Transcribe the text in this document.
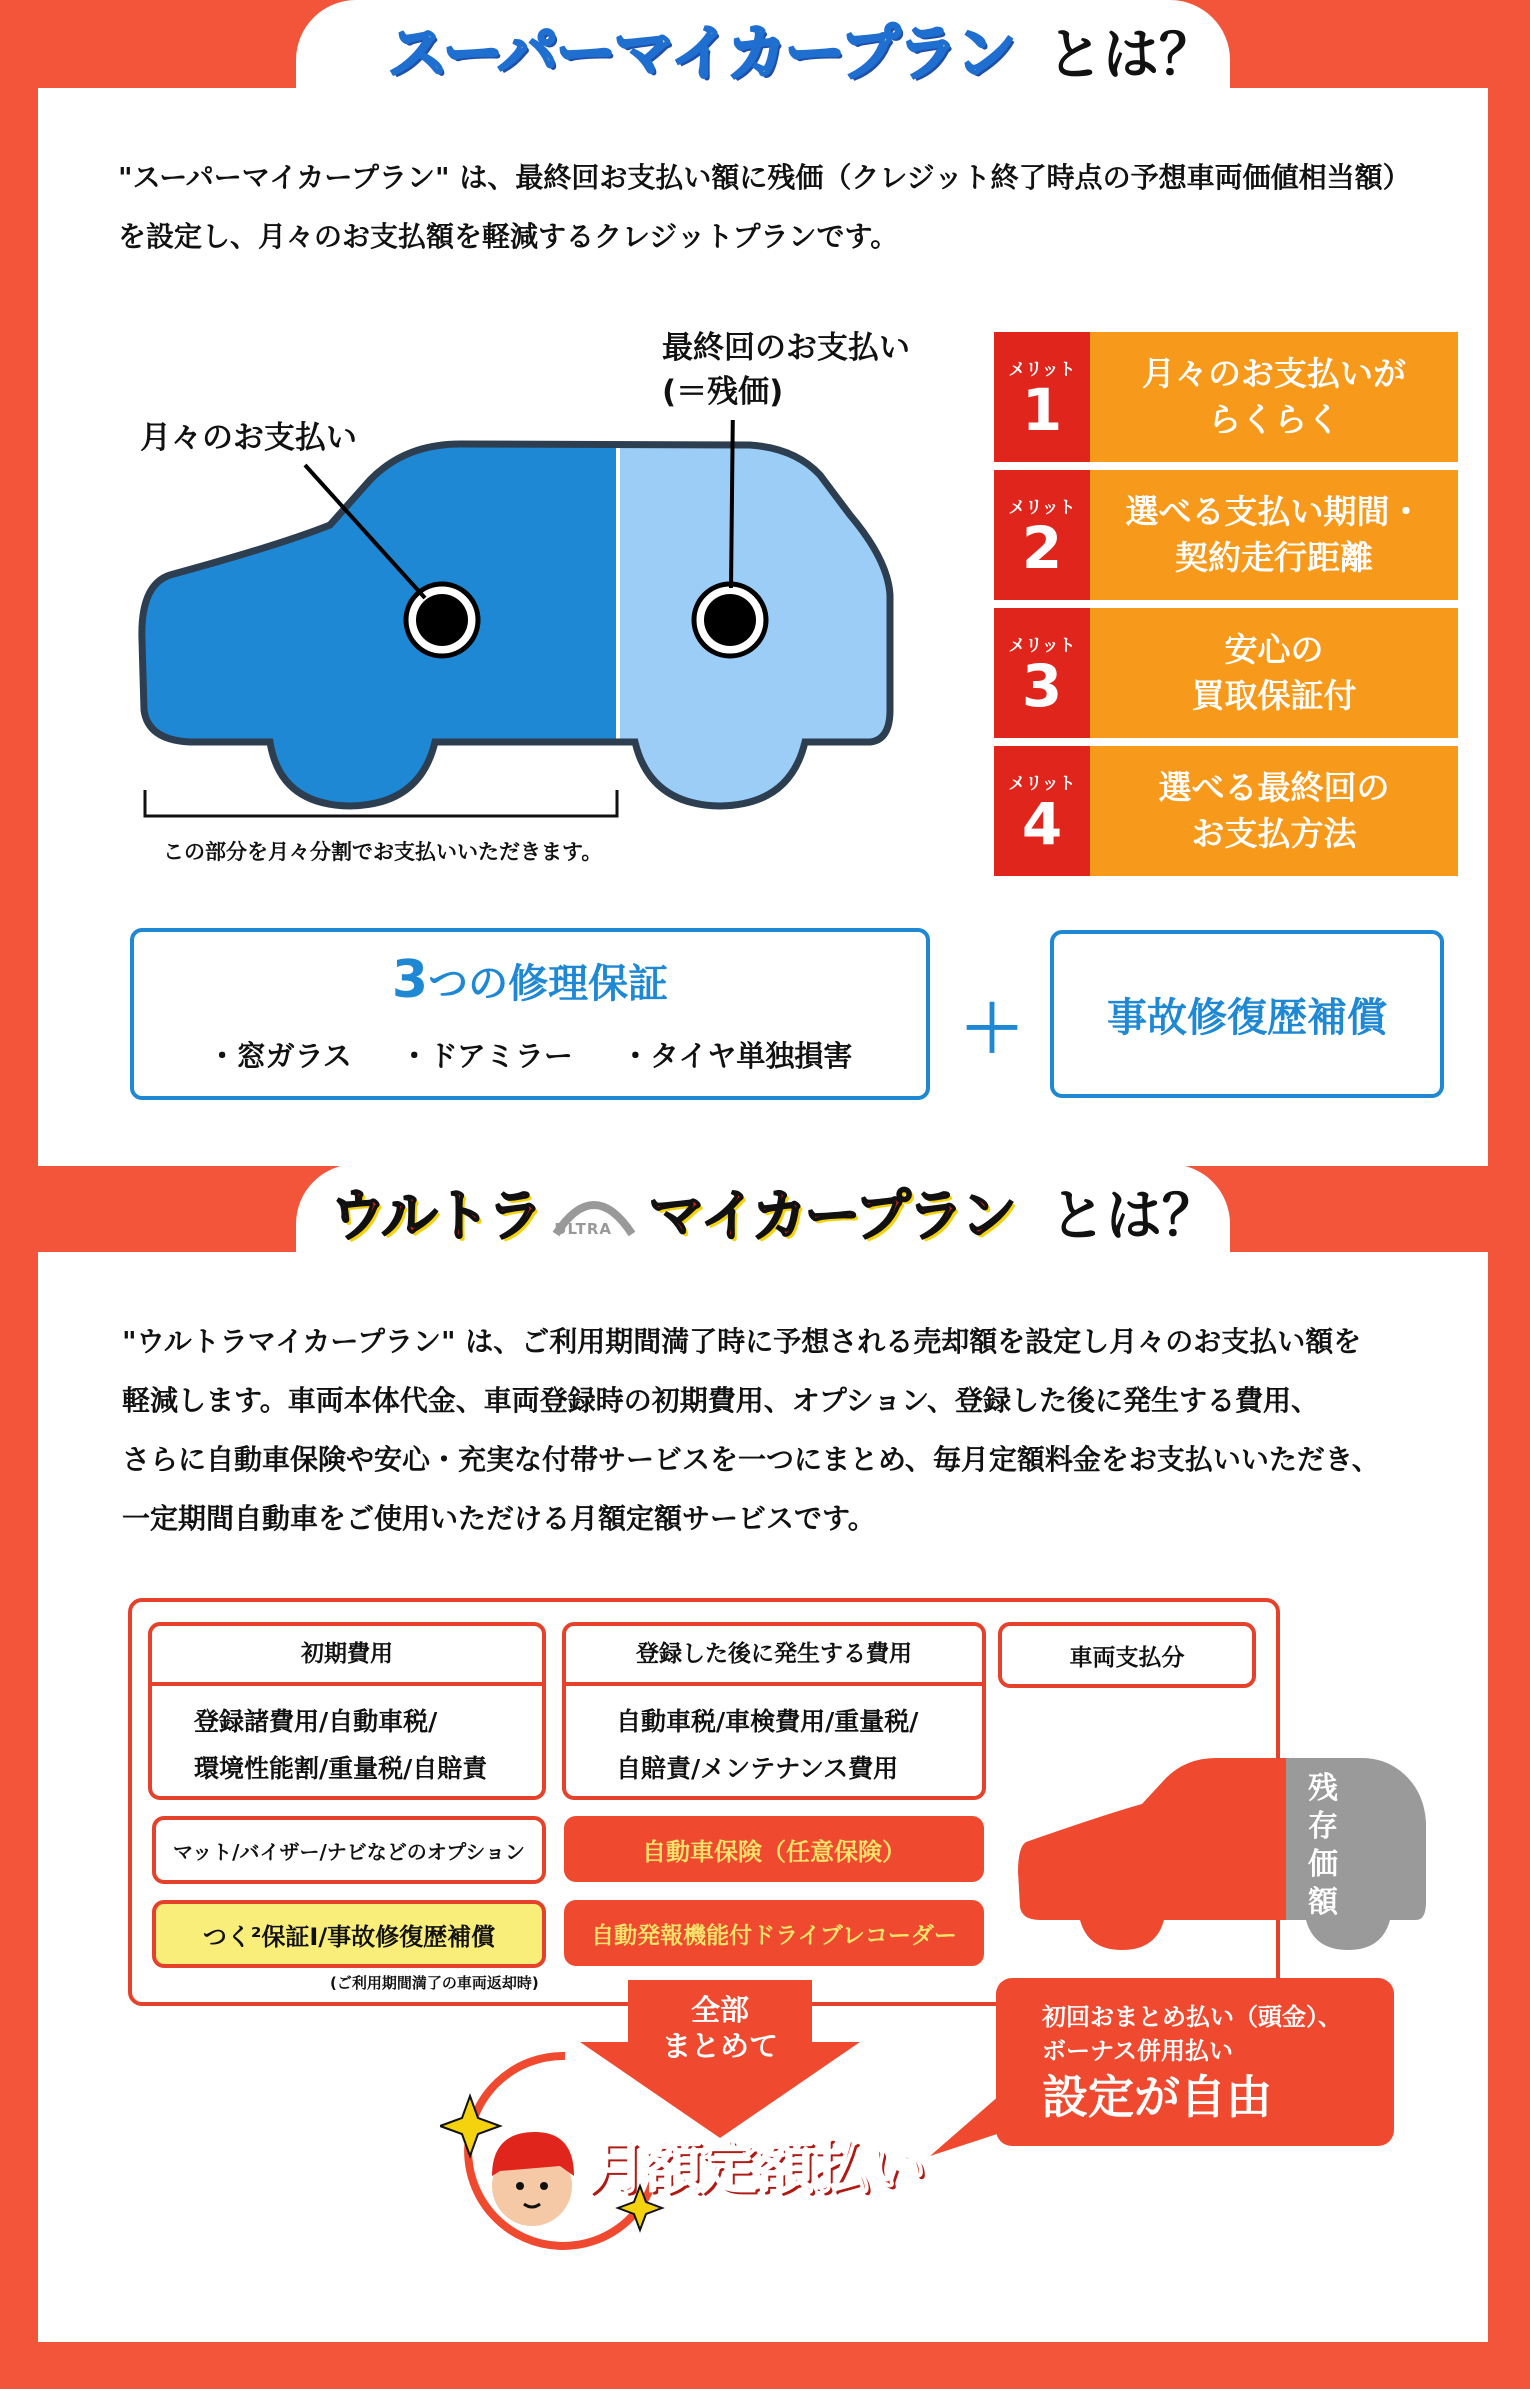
スーパーマイカープラン とは？
"スーパーマイカープラン" は、最終回お支払い額に残価（クレジット終了時点の予想車両価値相当額）
を設定し、月々のお支払額を軽減するクレジットプランです。
月々のお支払い
最終回のお支払い
(＝残価)
この部分を月々分割でお支払いいただきます。
メリット
1
月々のお支払いが
らくらく
メリット
2
選べる支払い期間・
契約走行距離
メリット
3
安心の
買取保証付
メリット
4
選べる最終回の
お支払方法
3つの修理保証
・窓ガラス ・ドアミラー ・タイヤ単独損害 ＋ 事故修復歴補償
ウルトラ ULTRA マイカープラン とは？
"ウルトラマイカープラン" は、ご利用期間満了時に予想される売却額を設定し月々のお支払い額を
軽減します。車両本体代金、車両登録時の初期費用、オプション、登録した後に発生する費用、
さらに自動車保険や安心・充実な付帯サービスを一つにまとめ、毎月定額料金をお支払いいただき、
一定期間自動車をご使用いただける月額定額サービスです。
初期費用
登録諸費用/自動車税/
環境性能割/重量税/自賠責
登録した後に発生する費用
自動車税/車検費用/重量税/
自賠責/メンテナンス費用
車両支払分
マット/バイザー/ナビなどのオプション	自動車保険（任意保険）
つく²保証Ⅰ/事故修復歴補償	自動発報機能付ドライブレコーダー
(ご利用期間満了の車両返却時)
残存価額
全部
まとめて
月額定額払い
初回おまとめ払い（頭金）、
ボーナス併用払い
設定が自由
